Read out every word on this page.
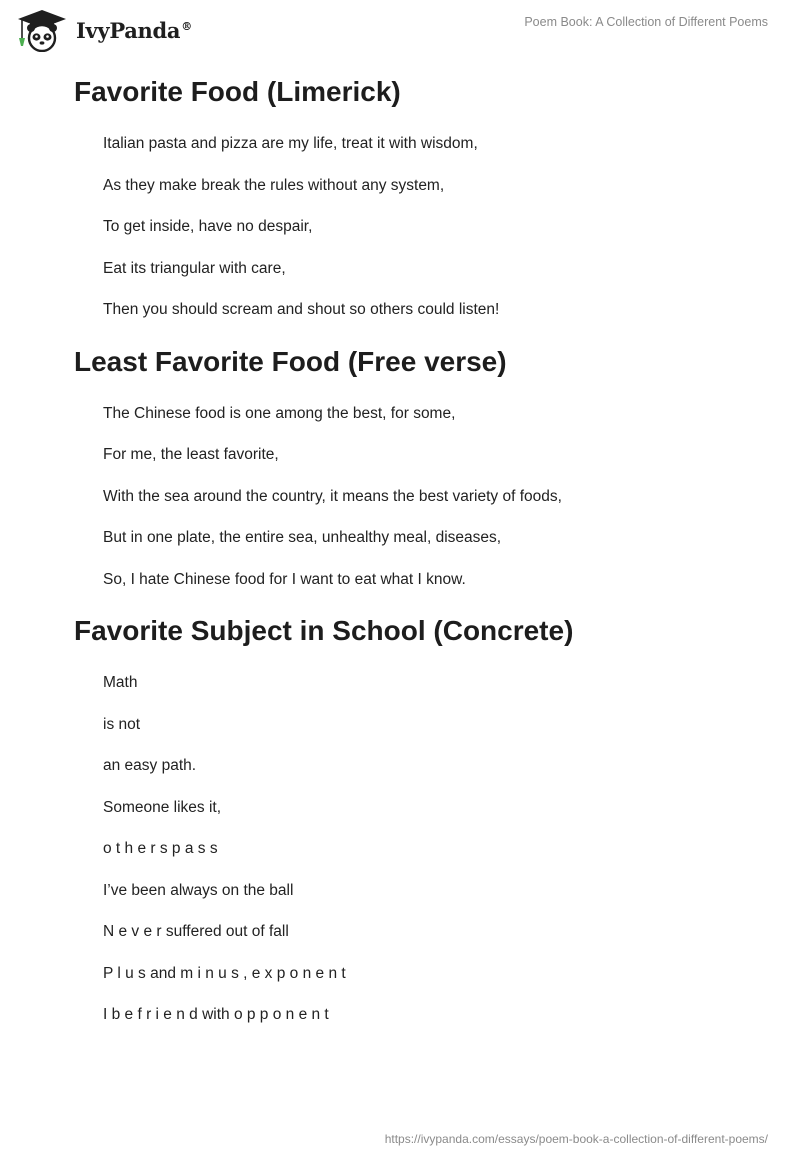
IvyPanda®	Poem Book: A Collection of Different Poems
Favorite Food (Limerick)
Italian pasta and pizza are my life, treat it with wisdom,
As they make break the rules without any system,
To get inside, have no despair,
Eat its triangular with care,
Then you should scream and shout so others could listen!
Least Favorite Food (Free verse)
The Chinese food is one among the best, for some,
For me, the least favorite,
With the sea around the country, it means the best variety of foods,
But in one plate, the entire sea, unhealthy meal, diseases,
So, I hate Chinese food for I want to eat what I know.
Favorite Subject in School (Concrete)
Math
is not
an easy path.
Someone likes it,
o t h e r s p a s s
I’ve been always on the ball
N e v e r suffered out of fall
P l u s and m i n u s , e x p o n e n t
I b e f r i e n d with o p p o n e n t
https://ivypanda.com/essays/poem-book-a-collection-of-different-poems/
